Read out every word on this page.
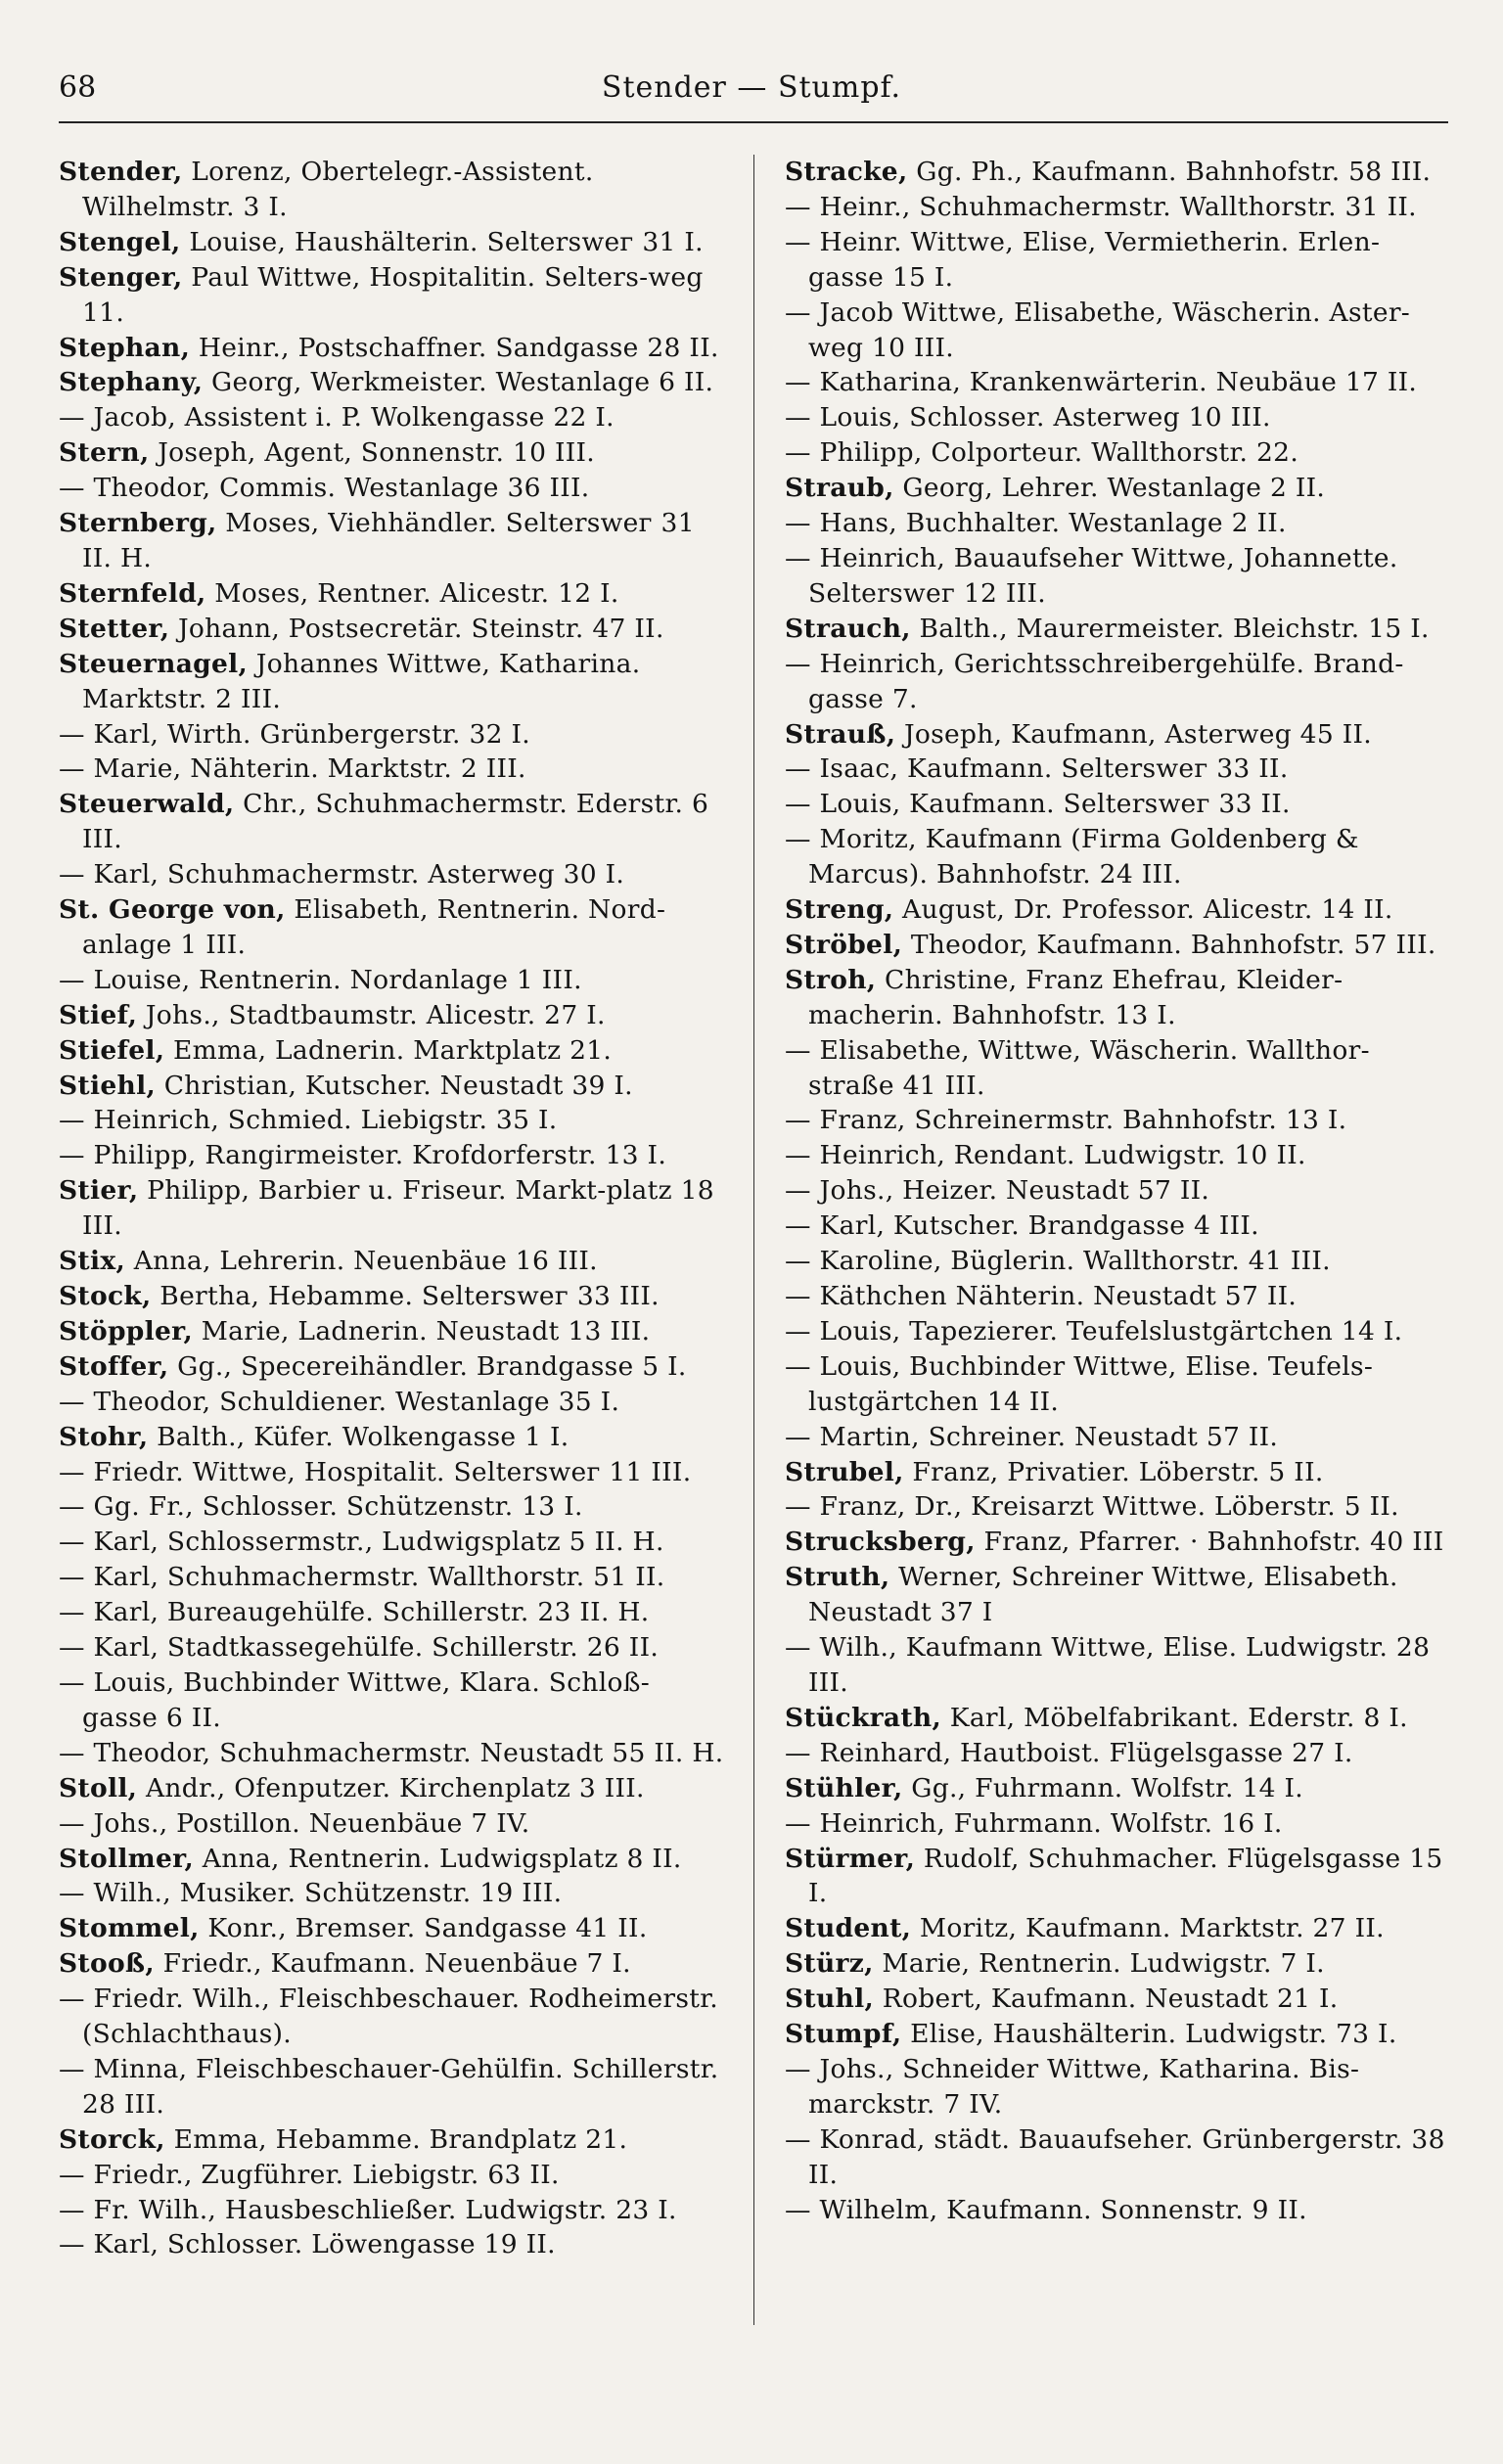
68	Stender — Stumpf.
Stender, Lorenz, Obertelegr.-Assistent. Wilhelmstr. 3 I.
Stengel, Louise, Haushälterin. Selterswег 31 I.
Stenger, Paul Wittwe, Hospitalitin. Selters-weg 11.
Stephan, Heinr., Postschaffner. Sandgasse 28 II.
Stephany, Georg, Werkmeister. Westanlage 6 II.
— Jacob, Assistent i. P. Wolkengasse 22 I.
Stern, Joseph, Agent, Sonnenstr. 10 III.
— Theodor, Commis. Westanlage 36 III.
Sternberg, Moses, Viehhändler. Selterswег 31 II. H.
Sternfeld, Moses, Rentner. Alicestr. 12 I.
Stetter, Johann, Postsecretär. Steinstr. 47 II.
Steuernagel, Johannes Wittwe, Katharina. Marktstr. 2 III.
— Karl, Wirth. Grünbergerstr. 32 I.
— Marie, Nähterin. Marktstr. 2 III.
Steuerwald, Chr., Schuhmachermstr. Ederstr. 6 III.
— Karl, Schuhmachermstr. Asterweg 30 I.
St. George von, Elisabeth, Rentnerin. Nord-anlage 1 III.
— Louise, Rentnerin. Nordanlage 1 III.
Stief, Johs., Stadtbaumstr. Alicestr. 27 I.
Stiefel, Emma, Ladnerin. Marktplatz 21.
Stiehl, Christian, Kutscher. Neustadt 39 I.
— Heinrich, Schmied. Liebigstr. 35 I.
— Philipp, Rangirmeister. Krofdorferstr. 13 I.
Stier, Philipp, Barbier u. Friseur. Markt-platz 18 III.
Stix, Anna, Lehrerin. Neuenbäue 16 III.
Stock, Bertha, Hebamme. Selterswег 33 III.
Stöppler, Marie, Ladnerin. Neustadt 13 III.
Stoffer, Gg., Specereihändler. Brandgasse 5 I.
— Theodor, Schuldiener. Westanlage 35 I.
Stohr, Balth., Küfer. Wolkengasse 1 I.
— Friedr. Wittwe, Hospitalit. Selterswег 11 III.
— Gg. Fr., Schlosser. Schützenstr. 13 I.
— Karl, Schlossermstr., Ludwigsplatz 5 II. H.
— Karl, Schuhmachermstr. Wallthorstr. 51 II.
— Karl, Bureaugehülfe. Schillerstr. 23 II. H.
— Karl, Stadtkassegehülfe. Schillerstr. 26 II.
— Louis, Buchbinder Wittwe, Klara. Schloß-gasse 6 II.
— Theodor, Schuhmachermstr. Neustadt 55 II. H.
Stoll, Andr., Ofenputzer. Kirchenplatz 3 III.
— Johs., Postillon. Neuenbäue 7 IV.
Stollmer, Anna, Rentnerin. Ludwigsplatz 8 II.
— Wilh., Musiker. Schützenstr. 19 III.
Stommel, Konr., Bremser. Sandgasse 41 II.
Stooß, Friedr., Kaufmann. Neuenbäue 7 I.
— Friedr. Wilh., Fleischbeschauer. Rodheimerstr. (Schlachthaus).
— Minna, Fleischbeschauer-Gehülfin. Schillerstr. 28 III.
Storck, Emma, Hebamme. Brandplatz 21.
— Friedr., Zugführer. Liebigstr. 63 II.
— Fr. Wilh., Hausbeschließer. Ludwigstr. 23 I.
— Karl, Schlosser. Löwengasse 19 II.
Stracke, Gg. Ph., Kaufmann. Bahnhofstr. 58 III.
— Heinr., Schuhmachermstr. Wallthorstr. 31 II.
— Heinr. Wittwe, Elise, Vermietherin. Erlen-gasse 15 I.
— Jacob Wittwe, Elisabethe, Wäscherin. Aster-weg 10 III.
— Katharina, Krankenwärterin. Neubäue 17 II.
— Louis, Schlosser. Asterweg 10 III.
— Philipp, Colporteur. Wallthorstr. 22.
Straub, Georg, Lehrer. Westanlage 2 II.
— Hans, Buchhalter. Westanlage 2 II.
— Heinrich, Bauaufseher Wittwe, Johannette. Selterswег 12 III.
Strauch, Balth., Maurermeister. Bleichstr. 15 I.
— Heinrich, Gerichtsschreibergehülfe. Brand-gasse 7.
Strauß, Joseph, Kaufmann, Asterweg 45 II.
— Isaac, Kaufmann. Selterswег 33 II.
— Louis, Kaufmann. Selterswег 33 II.
— Moritz, Kaufmann (Firma Goldenberg & Marcus). Bahnhofstr. 24 III.
Streng, August, Dr. Professor. Alicestr. 14 II.
Ströbel, Theodor, Kaufmann. Bahnhofstr. 57 III.
Stroh, Christine, Franz Ehefrau, Kleider-macherin. Bahnhofstr. 13 I.
— Elisabethe, Wittwe, Wäscherin. Wallthor-straße 41 III.
— Franz, Schreinermstr. Bahnhofstr. 13 I.
— Heinrich, Rendant. Ludwigstr. 10 II.
— Johs., Heizer. Neustadt 57 II.
— Karl, Kutscher. Brandgasse 4 III.
— Karoline, Büglerin. Wallthorstr. 41 III.
— Käthchen Nähterin. Neustadt 57 II.
— Louis, Tapezierer. Teufelslustgärtchen 14 I.
— Louis, Buchbinder Wittwe, Elise. Teufels-lustgärtchen 14 II.
— Martin, Schreiner. Neustadt 57 II.
Strubel, Franz, Privatier. Löberstr. 5 II.
— Franz, Dr., Kreisarzt Wittwe. Löberstr. 5 II.
Strucksberg, Franz, Pfarrer. · Bahnhofstr. 40 III
Struth, Werner, Schreiner Wittwe, Elisabeth. Neustadt 37 I
— Wilh., Kaufmann Wittwe, Elise. Ludwigstr. 28 III.
Stückrath, Karl, Möbelfabrikant. Ederstr. 8 I.
— Reinhard, Hautboist. Flügelsgasse 27 I.
Stühler, Gg., Fuhrmann. Wolfstr. 14 I.
— Heinrich, Fuhrmann. Wolfstr. 16 I.
Stürmer, Rudolf, Schuhmacher. Flügelsgasse 15 I.
Student, Moritz, Kaufmann. Marktstr. 27 II.
Stürz, Marie, Rentnerin. Ludwigstr. 7 I.
Stuhl, Robert, Kaufmann. Neustadt 21 I.
Stumpf, Elise, Haushälterin. Ludwigstr. 73 I.
— Johs., Schneider Wittwe, Katharina. Bis-marckstr. 7 IV.
— Konrad, städt. Bauaufseher. Grünbergerstr. 38 II.
— Wilhelm, Kaufmann. Sonnenstr. 9 II.
